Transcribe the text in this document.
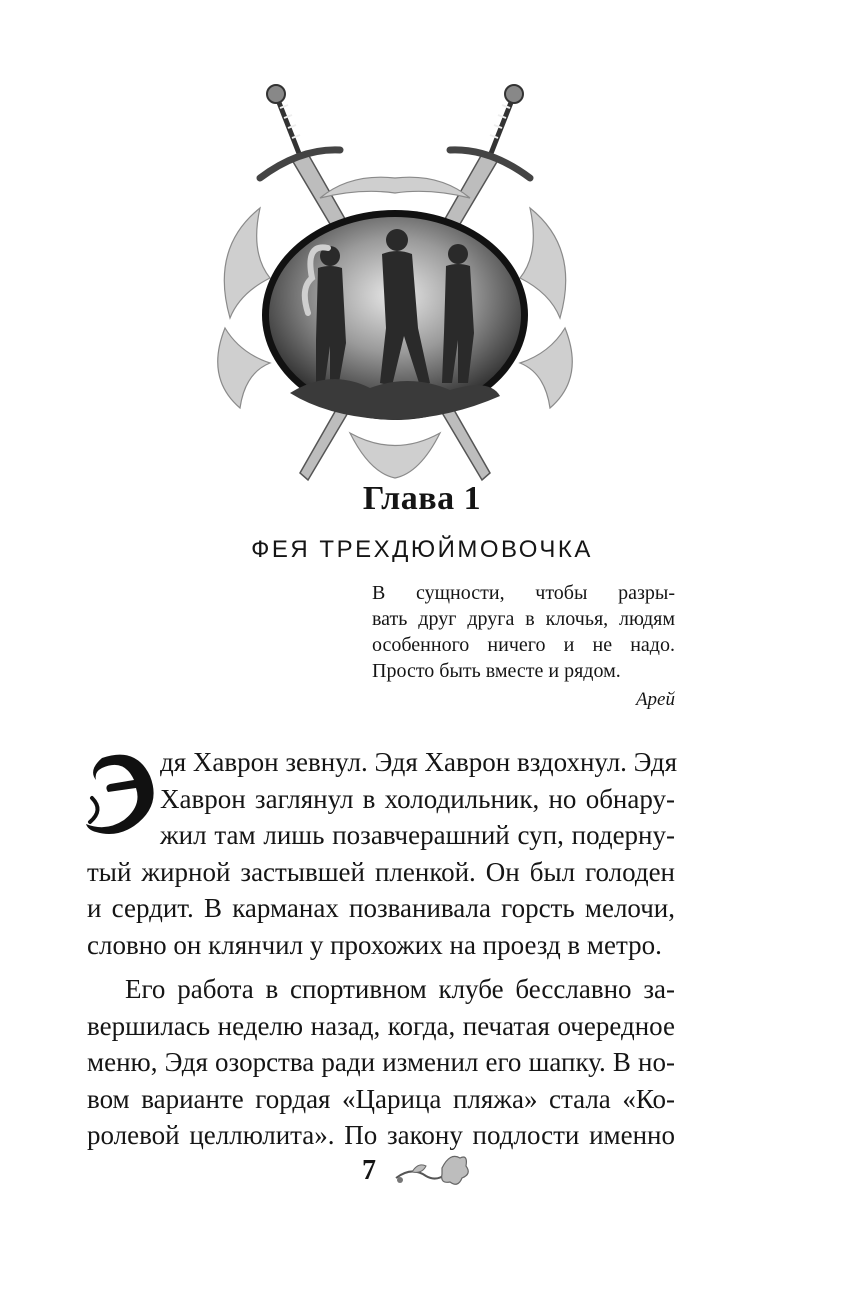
Глава 1
ФЕЯ ТРЕХДЮЙМОВОЧКА
В сущности, чтобы разры-
вать друг друга в клочья, людям
особенного ничего и не надо.
Просто быть вместе и рядом.
Арей
дя Хаврон зевнул. Эдя Хаврон вздохнул. Эдя
Хаврон заглянул в холодильник, но обнару-
жил там лишь позавчерашний суп, подерну-
тый жирной застывшей пленкой. Он был голоден
и сердит. В карманах позванивала горсть мелочи,
словно он клянчил у прохожих на проезд в метро.
Его работа в спортивном клубе бесславно за-
вершилась неделю назад, когда, печатая очередное
меню, Эдя озорства ради изменил его шапку. В но-
вом варианте гордая «Царица пляжа» стала «Ко-
ролевой целлюлита». По закону подлости именно
7
